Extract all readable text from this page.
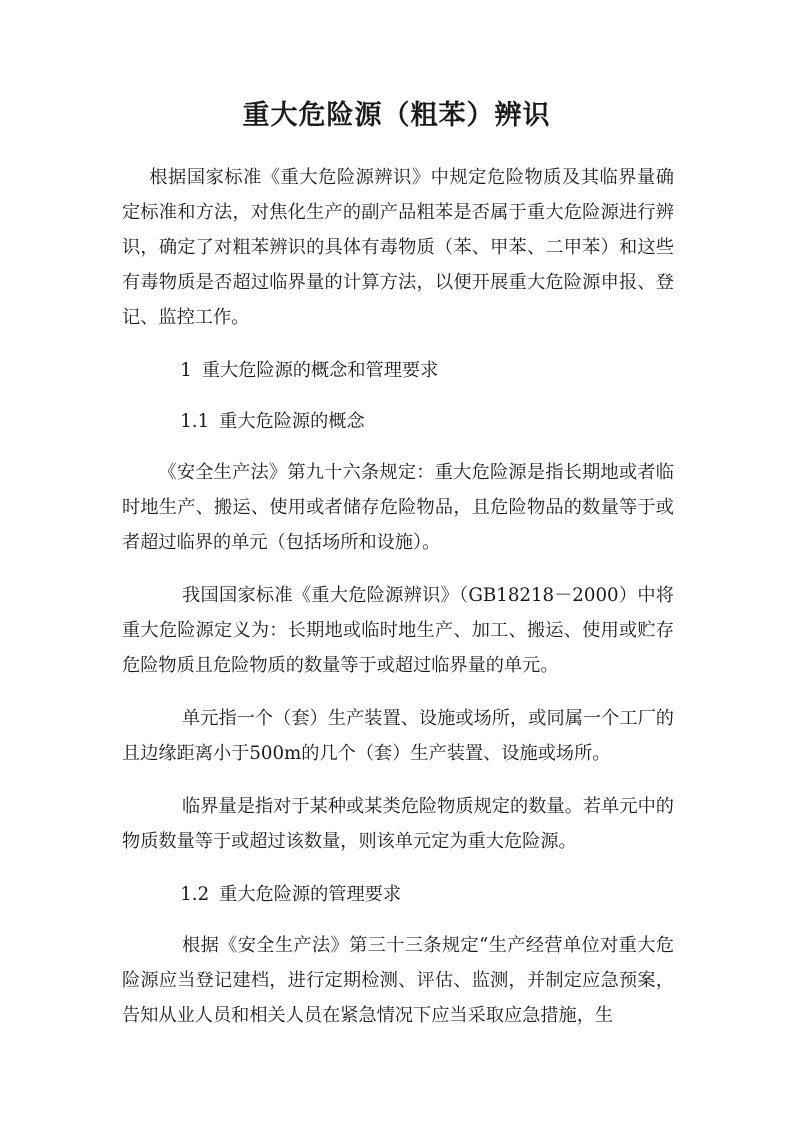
重大危险源（粗苯）辨识

根据国家标准《重大危险源辨识》中规定危险物质及其临界量确定标准和方法，对焦化生产的副产品粗苯是否属于重大危险源进行辨识，确定了对粗苯辨识的具体有毒物质（苯、甲苯、二甲苯）和这些有毒物质是否超过临界量的计算方法，以便开展重大危险源申报、登记、监控工作。

1 重大危险源的概念和管理要求

1.1 重大危险源的概念

《安全生产法》第九十六条规定：重大危险源是指长期地或者临时地生产、搬运、使用或者储存危险物品，且危险物品的数量等于或者超过临界的单元（包括场所和设施）。

我国国家标准《重大危险源辨识》（GB18218－2000）中将重大危险源定义为：长期地或临时地生产、加工、搬运、使用或贮存危险物质且危险物质的数量等于或超过临界量的单元。

单元指一个（套）生产装置、设施或场所，或同属一个工厂的且边缘距离小于500m的几个（套）生产装置、设施或场所。

临界量是指对于某种或某类危险物质规定的数量。若单元中的物质数量等于或超过该数量，则该单元定为重大危险源。

1.2 重大危险源的管理要求

根据《安全生产法》第三十三条规定“生产经营单位对重大危险源应当登记建档，进行定期检测、评估、监测，并制定应急预案，告知从业人员和相关人员在紧急情况下应当采取应急措施，生
